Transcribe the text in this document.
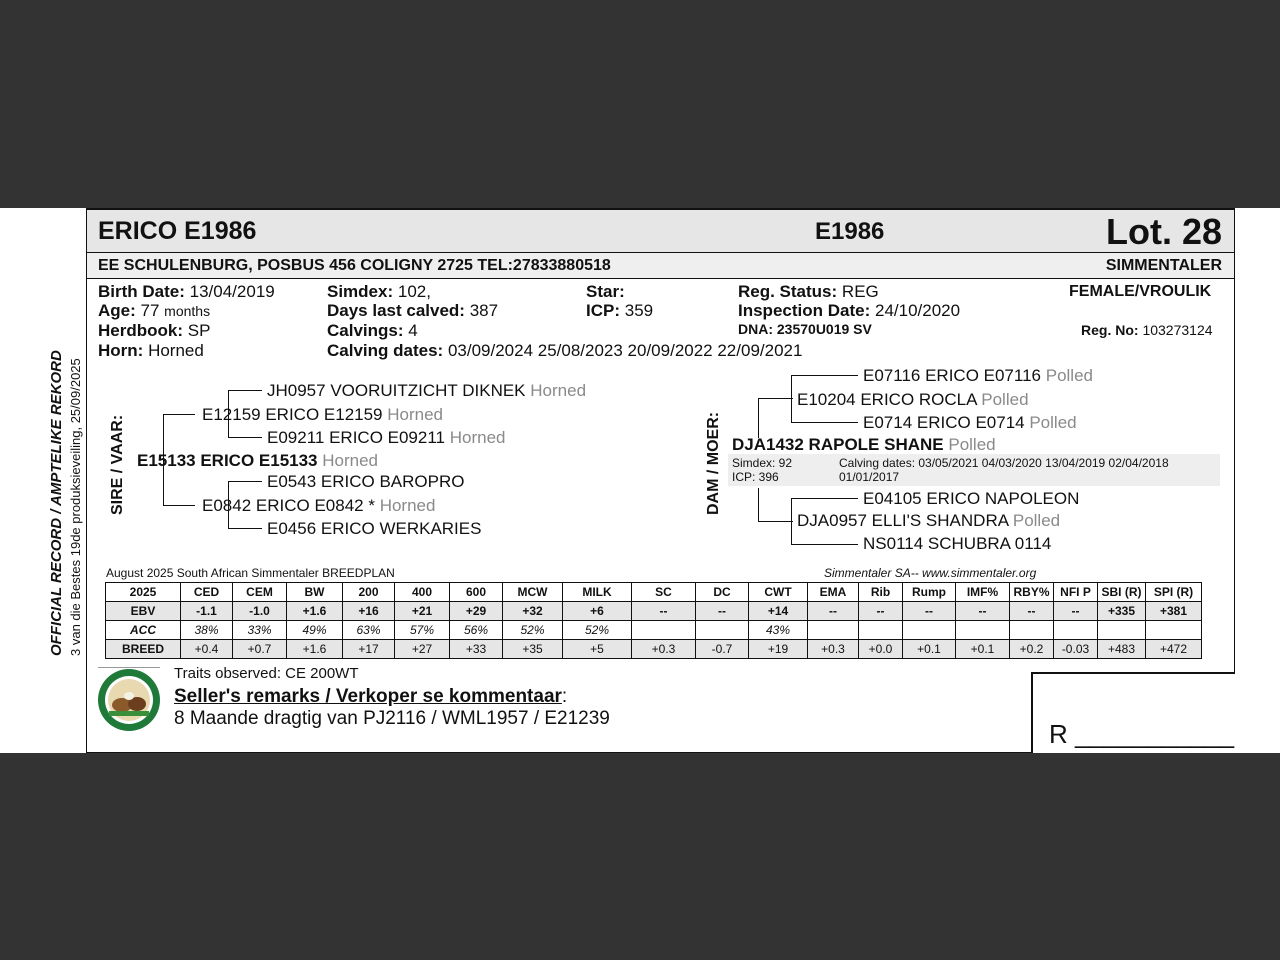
ERICO E1986	E1986	Lot. 28
EE SCHULENBURG, POSBUS 456 COLIGNY 2725 TEL:27833880518	SIMMENTALER
OFFICIAL RECORD / AMPTELIKE REKORD 3 van die Bestes 19de produksieveiling, 25/09/2025
Birth Date: 13/04/2019
Age: 77 months
Herdbook: SP
Horn: Horned
Simdex: 102,
Days last calved: 387
Calvings: 4
Calving dates: 03/09/2024 25/08/2023 20/09/2022 22/09/2021
Star:
ICP: 359
Reg. Status: REG
Inspection Date: 24/10/2020
DNA: 23570U019 SV
FEMALE/VROULIK
Reg. No: 103273124
SIRE / VAAR:
JH0957 VOORUITZICHT DIKNEK Horned
E12159 ERICO E12159 Horned
E09211 ERICO E09211 Horned
E15133 ERICO E15133 Horned
E0543 ERICO BAROPRO
E0842 ERICO E0842 * Horned
E0456 ERICO WERKARIES
DAM / MOER:
E07116 ERICO E07116 Polled
E10204 ERICO ROCLA Polled
E0714 ERICO E0714 Polled
DJA1432 RAPOLE SHANE Polled
Simdex: 92
ICP: 396
Calving dates: 03/05/2021 04/03/2020 13/04/2019 02/04/2018
01/01/2017
E04105 ERICO NAPOLEON
DJA0957 ELLI'S SHANDRA Polled
NS0114 SCHUBRA 0114
August 2025 South African Simmentaler BREEDPLAN	Simmentaler SA-- www.simmentaler.org
2025	CED	CEM	BW	200	400	600	MCW	MILK	SC	DC	CWT	EMA	Rib	Rump	IMF%	RBY%	NFI P	SBI (R)	SPI (R)
EBV	-1.1	-1.0	+1.6	+16	+21	+29	+32	+6	--	--	+14	--	--	--	--	--	--	+335	+381
ACC	38%	33%	49%	63%	57%	56%	52%	52%			43%								
BREED	+0.4	+0.7	+1.6	+17	+27	+33	+35	+5	+0.3	-0.7	+19	+0.3	+0.0	+0.1	+0.1	+0.2	-0.03	+483	+472
Traits observed: CE 200WT
Seller's remarks / Verkoper se kommentaar:
8 Maande dragtig van PJ2116 / WML1957 / E21239
R ___________
